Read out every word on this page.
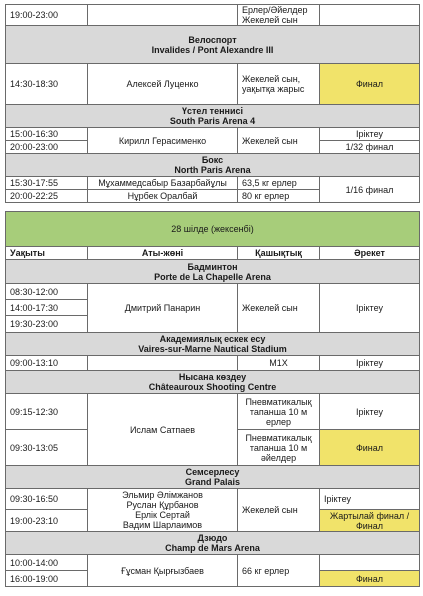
19:00-23:00		Ерлер/Әйелдер Жекелей сын	
Велоспорт
Invalides / Pont Alexandre III			
14:30-18:30	Алексей Луценко	Жекелей сын, уақытқа жарыс	Финал
Үстел теннисі
South Paris Arena 4			
15:00-16:30	Кирилл Герасименко	Жекелей сын	Іріктеу
20:00-23:00			1/32 финал
Бокс
North Paris Arena			
15:30-17:55	Мұхаммедсабыр Базарбайұлы	63,5 кг ерлер	1/16 финал
20:00-22:25	Нұрбек Оралбай	80 кг ерлер	
28 шілде (жексенбі)			
Уақыты	Аты-жөні	Қашықтық	Әрекет
Бадминтон
Porte de La Chapelle Arena			
08:30-12:00	Дмитрий Панарин	Жекелей сын	Іріктеу
14:00-17:30			
19:30-23:00			
Академиялық ескек есу
Vaires-sur-Marne Nautical Stadium			
09:00-13:10		М1Х	Іріктеу
Нысана көздеу
Châteauroux Shooting Centre			
09:15-12:30	Ислам Сатпаев	Пневматикалық тапанша 10 м ерлер	Іріктеу
09:30-13:05		Пневматикалық тапанша 10 м әйелдер	Финал
Семсерлесу
Grand Palais			
09:30-16:50	Эльмир Әлімжанов
Руслан Құрбанов
Ерлік Сертай
Вадим Шарлаимов	Жекелей сын	Іріктеу
19:00-23:10			Жартылай финал / Финал
Дзюдо
Champ de Mars Arena			
10:00-14:00	Ғұсман Қырғызбаев	66 кг ерлер	
16:00-19:00			Финал
